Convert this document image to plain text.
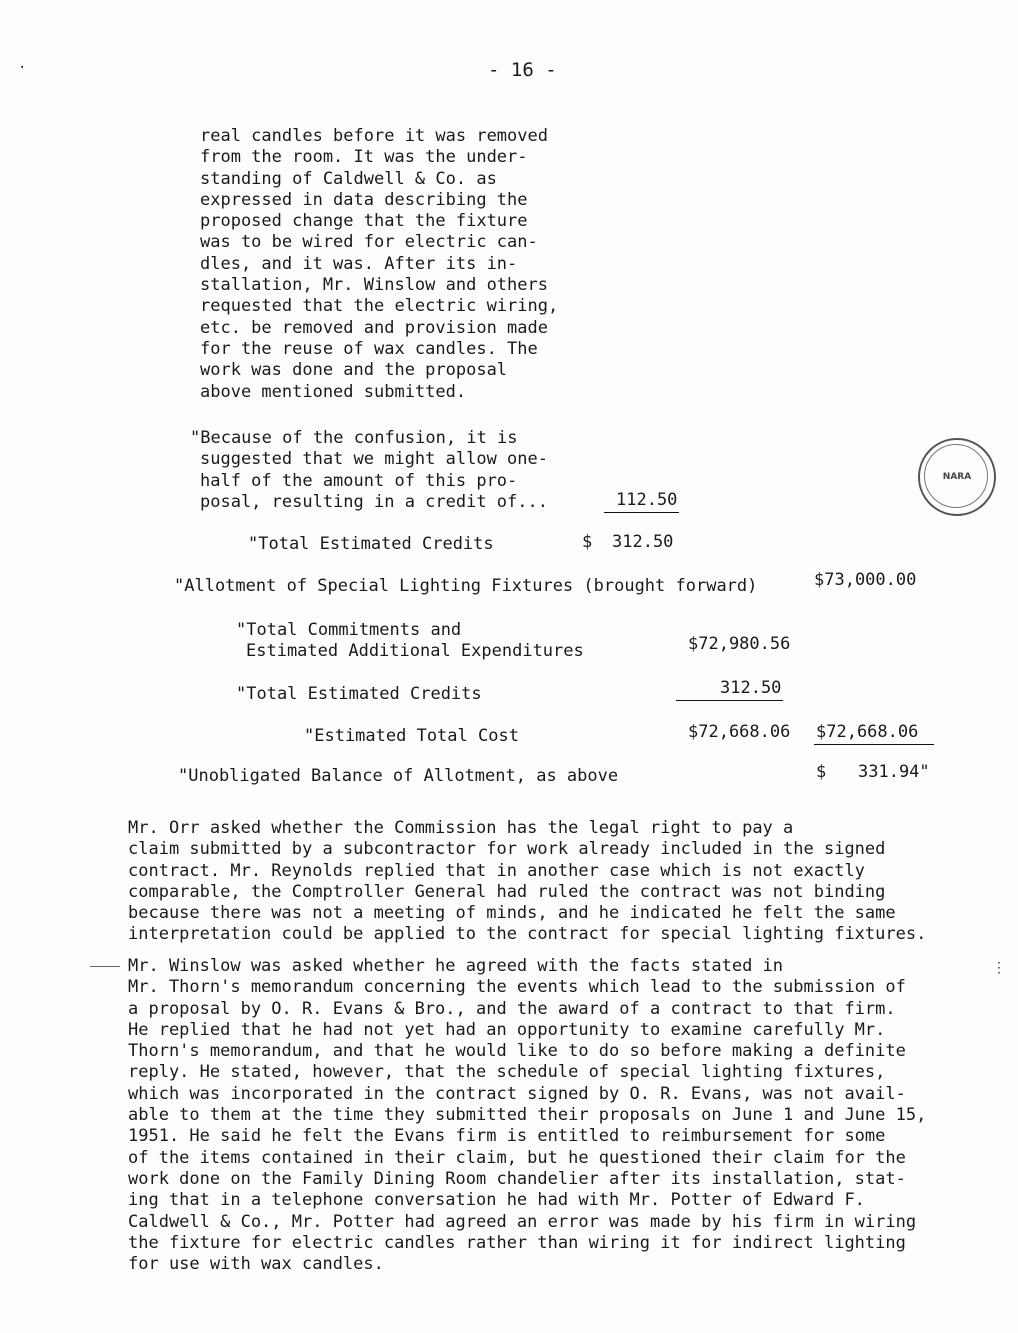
- 16 -
real candles before it was removed
from the room. It was the under-
standing of Caldwell & Co. as
expressed in data describing the
proposed change that the fixture
was to be wired for electric can-
dles, and it was. After its in-
stallation, Mr. Winslow and others
requested that the electric wiring,
etc. be removed and provision made
for the reuse of wax candles. The
work was done and the proposal
above mentioned submitted.
"Because of the confusion, it is
suggested that we might allow one-
half of the amount of this pro-
posal, resulting in a credit of...	112.50
"Total Estimated Credits	$ 312.50
"Allotment of Special Lighting Fixtures (brought forward)	$73,000.00
"Total Commitments and
Estimated Additional Expenditures	$72,980.56
"Total Estimated Credits	312.50
"Estimated Total Cost	$72,668.06 $72,668.06
"Unobligated Balance of Allotment, as above	$ 331.94"
Mr. Orr asked whether the Commission has the legal right to pay a
claim submitted by a subcontractor for work already included in the signed
contract. Mr. Reynolds replied that in another case which is not exactly
comparable, the Comptroller General had ruled the contract was not binding
because there was not a meeting of minds, and he indicated he felt the same
interpretation could be applied to the contract for special lighting fixtures.
Mr. Winslow was asked whether he agreed with the facts stated in
Mr. Thorn's memorandum concerning the events which lead to the submission of
a proposal by O. R. Evans & Bro., and the award of a contract to that firm.
He replied that he had not yet had an opportunity to examine carefully Mr.
Thorn's memorandum, and that he would like to do so before making a definite
reply. He stated, however, that the schedule of special lighting fixtures,
which was incorporated in the contract signed by O. R. Evans, was not avail-
able to them at the time they submitted their proposals on June 1 and June 15,
1951. He said he felt the Evans firm is entitled to reimbursement for some
of the items contained in their claim, but he questioned their claim for the
work done on the Family Dining Room chandelier after its installation, stat-
ing that in a telephone conversation he had with Mr. Potter of Edward F.
Caldwell & Co., Mr. Potter had agreed an error was made by his firm in wiring
the fixture for electric candles rather than wiring it for indirect lighting
for use with wax candles.
NARA
·
⋮
